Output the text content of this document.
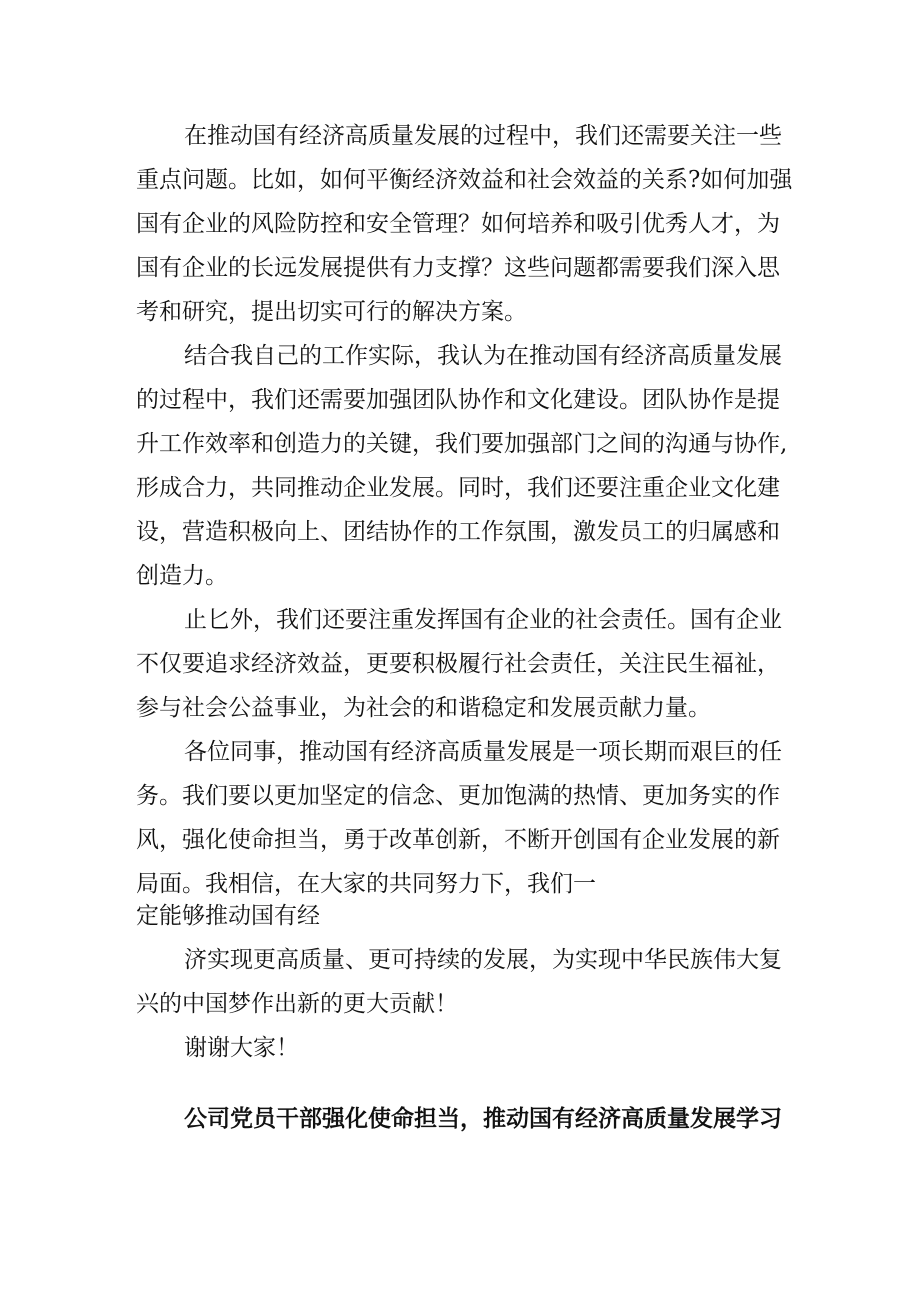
在推动国有经济高质量发展的过程中，我们还需要关注一些
重点问题。比如，如何平衡经济效益和社会效益的关系?如何加强
国有企业的风险防控和安全管理？如何培养和吸引优秀人才，为
国有企业的长远发展提供有力支撑？这些问题都需要我们深入思
考和研究，提出切实可行的解决方案。
结合我自己的工作实际，我认为在推动国有经济高质量发展
的过程中，我们还需要加强团队协作和文化建设。团队协作是提
升工作效率和创造力的关键，我们要加强部门之间的沟通与协作,
形成合力，共同推动企业发展。同时，我们还要注重企业文化建
设，营造积极向上、团结协作的工作氛围，激发员工的归属感和
创造力。
止匕外，我们还要注重发挥国有企业的社会责任。国有企业
不仅要追求经济效益，更要积极履行社会责任，关注民生福祉，
参与社会公益事业，为社会的和谐稳定和发展贡献力量。
各位同事，推动国有经济高质量发展是一项长期而艰巨的任
务。我们要以更加坚定的信念、更加饱满的热情、更加务实的作
风，强化使命担当，勇于改革创新，不断开创国有企业发展的新
局面。我相信，在大家的共同努力下，我们一
定能够推动国有经
济实现更高质量、更可持续的发展，为实现中华民族伟大复
兴的中国梦作出新的更大贡献！
谢谢大家！
公司党员干部强化使命担当，推动国有经济高质量发展学习
